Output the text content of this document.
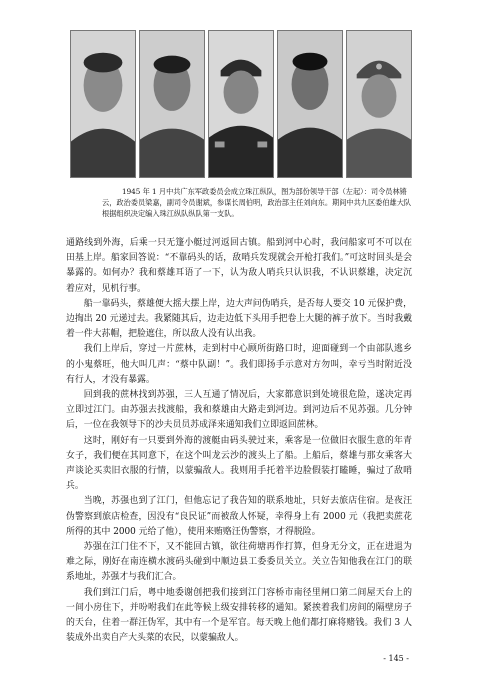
1945 年 1 月中共广东军政委员会成立珠江纵队，图为部份领导干部（左起）：司令员林锵云，政治委员梁嘉，副司令员谢斌，参谋长周伯明，政治部主任刘向东。期间中共九区委伯雄大队根据组织决定编入珠江纵队纵队第一支队。

通路线到外海，后乘一只无篷小艇过河返回古镇。船到河中心时，我问船家可不可以在田基上岸。船家回答说：“不靠码头的话，敌哨兵发现就会开枪打我们。”可这时回头是会暴露的。如何办？我和蔡雄耳语了一下，认为敌人哨兵只认识我，不认识蔡雄，决定沉着应对，见机行事。

船一靠码头，蔡雄便大摇大摆上岸，边大声问伪哨兵，是否每人要交 10 元保护费，边掏出 20 元递过去。我紧随其后，边走边低下头用手把卷上大腿的裤子放下。当时我戴着一件大荪帽，把脸遮住，所以敌人没有认出我。

我们上岸后，穿过一片蔗林，走到村中心顾所街路口时，迎面碰到一个由部队逃乡的小鬼蔡旺，他大叫几声：“蔡中队副！”。我们即扬手示意对方勿叫，幸亏当时附近没有行人，才没有暴露。

回到我的蔗林找到苏强，三人互通了情况后，大家都意识到处境很危险，遂决定再立即过江门。由苏强去找渡船，我和蔡雄由大路走到河边。到河边后不见苏强。几分钟后，一位在我领导下的沙夫员员苏成泽来通知我们立即返回蔗林。

这时，刚好有一只要到外海的渡艇由码头驶过来，乘客是一位做旧衣服生意的年青女子，我们便在其同意下，在这个叫龙云沙的渡头上了船。上船后，蔡雄与那女乘客大声谈论买卖旧衣服的行情，以蒙骗敌人。我则用手托着半边脸假装打瞌睡，骗过了敌哨兵。

当晚，苏强也到了江门，但他忘记了我告知的联系地址，只好去旅店住宿。是夜汪伪警察到旅店检查，因没有“良民证”而被敌人怀疑，幸得身上有 2000 元（我把卖蔗花所得的其中 2000 元给了他），使用来贿赂汪伪警察，才得脱险。

苏强在江门住不下，又不能回古镇，欲往荷塘再作打算，但身无分文，正在进退为难之际，刚好在南连横水渡码头碰到中顺边县工委委员关立。关立告知他我在江门的联系地址，苏强才与我们汇合。

我们到江门后，粤中地委谢创把我们接到江门容桥市南径里闸口第二间屋天台上的一间小房住下，并吩咐我们在此等候上级安排转移的通知。紧挨着我们房间的隔壁房子的天台，住着一群汪伪军，其中有一个是军官。每天晚上他们都打麻将赌钱。我们 3 人装成外出卖自产大头菜的农民，以蒙骗敌人。

- 145 -
